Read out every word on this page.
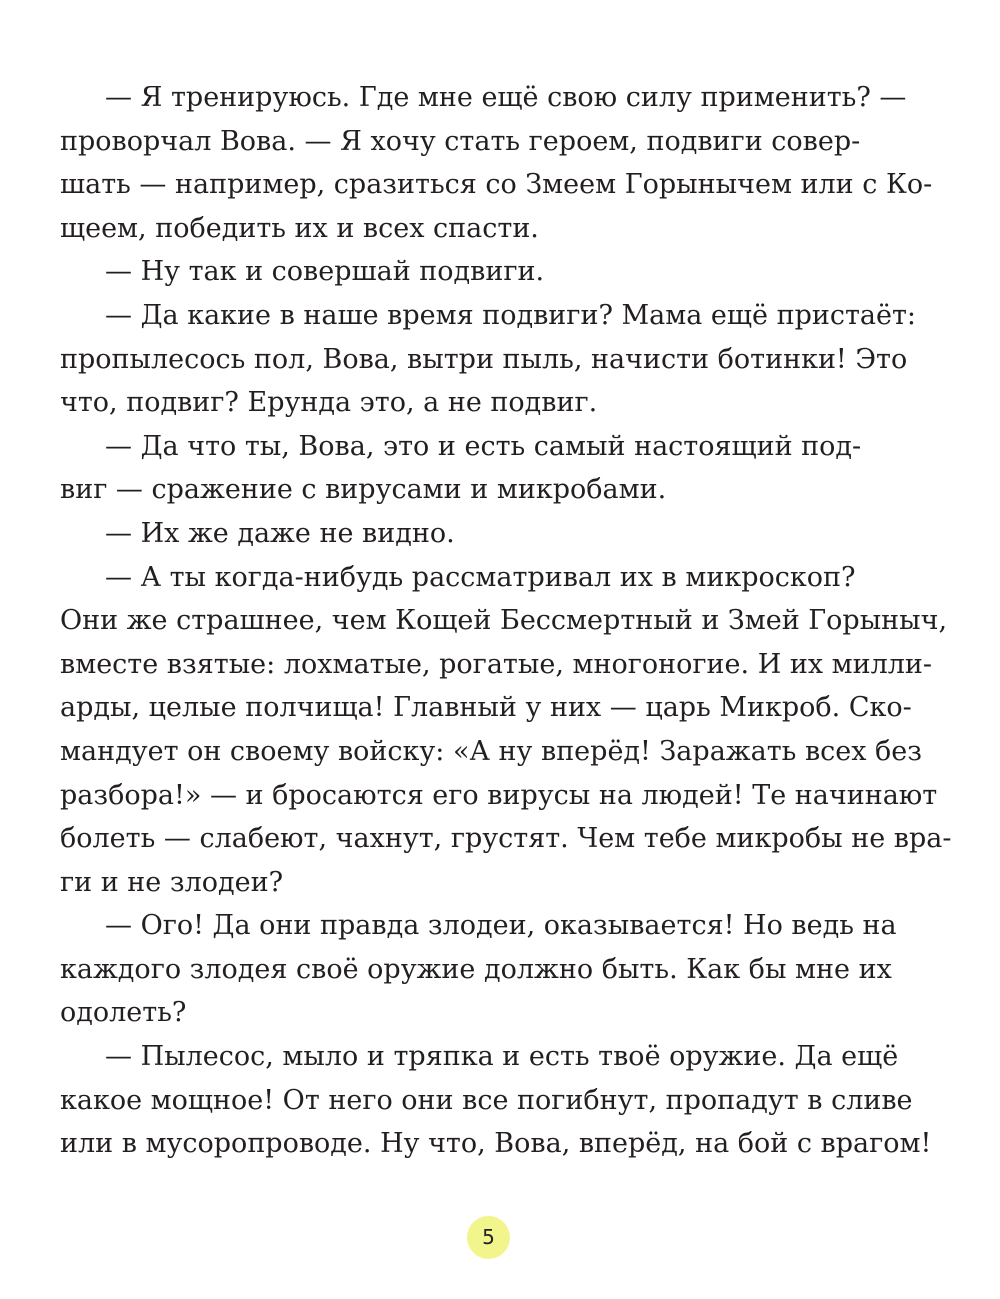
— Я тренируюсь. Где мне ещё свою силу применить? —
проворчал Вова. — Я хочу стать героем, подвиги совер-
шать — например, сразиться со Змеем Горынычем или с Ко-
щеем, победить их и всех спасти.
— Ну так и совершай подвиги.
— Да какие в наше время подвиги? Мама ещё пристаёт:
пропылесось пол, Вова, вытри пыль, начисти ботинки! Это
что, подвиг? Ерунда это, а не подвиг.
— Да что ты, Вова, это и есть самый настоящий под-
виг — сражение с вирусами и микробами.
— Их же даже не видно.
— А ты когда-нибудь рассматривал их в микроскоп?
Они же страшнее, чем Кощей Бессмертный и Змей Горыныч,
вместе взятые: лохматые, рогатые, многоногие. И их милли-
арды, целые полчища! Главный у них — царь Микроб. Ско-
мандует он своему войску: «А ну вперёд! Заражать всех без
разбора!» — и бросаются его вирусы на людей! Те начинают
болеть — слабеют, чахнут, грустят. Чем тебе микробы не вра-
ги и не злодеи?
— Ого! Да они правда злодеи, оказывается! Но ведь на
каждого злодея своё оружие должно быть. Как бы мне их
одолеть?
— Пылесос, мыло и тряпка и есть твоё оружие. Да ещё
какое мощное! От него они все погибнут, пропадут в сливе
или в мусоропроводе. Ну что, Вова, вперёд, на бой с врагом!
5
